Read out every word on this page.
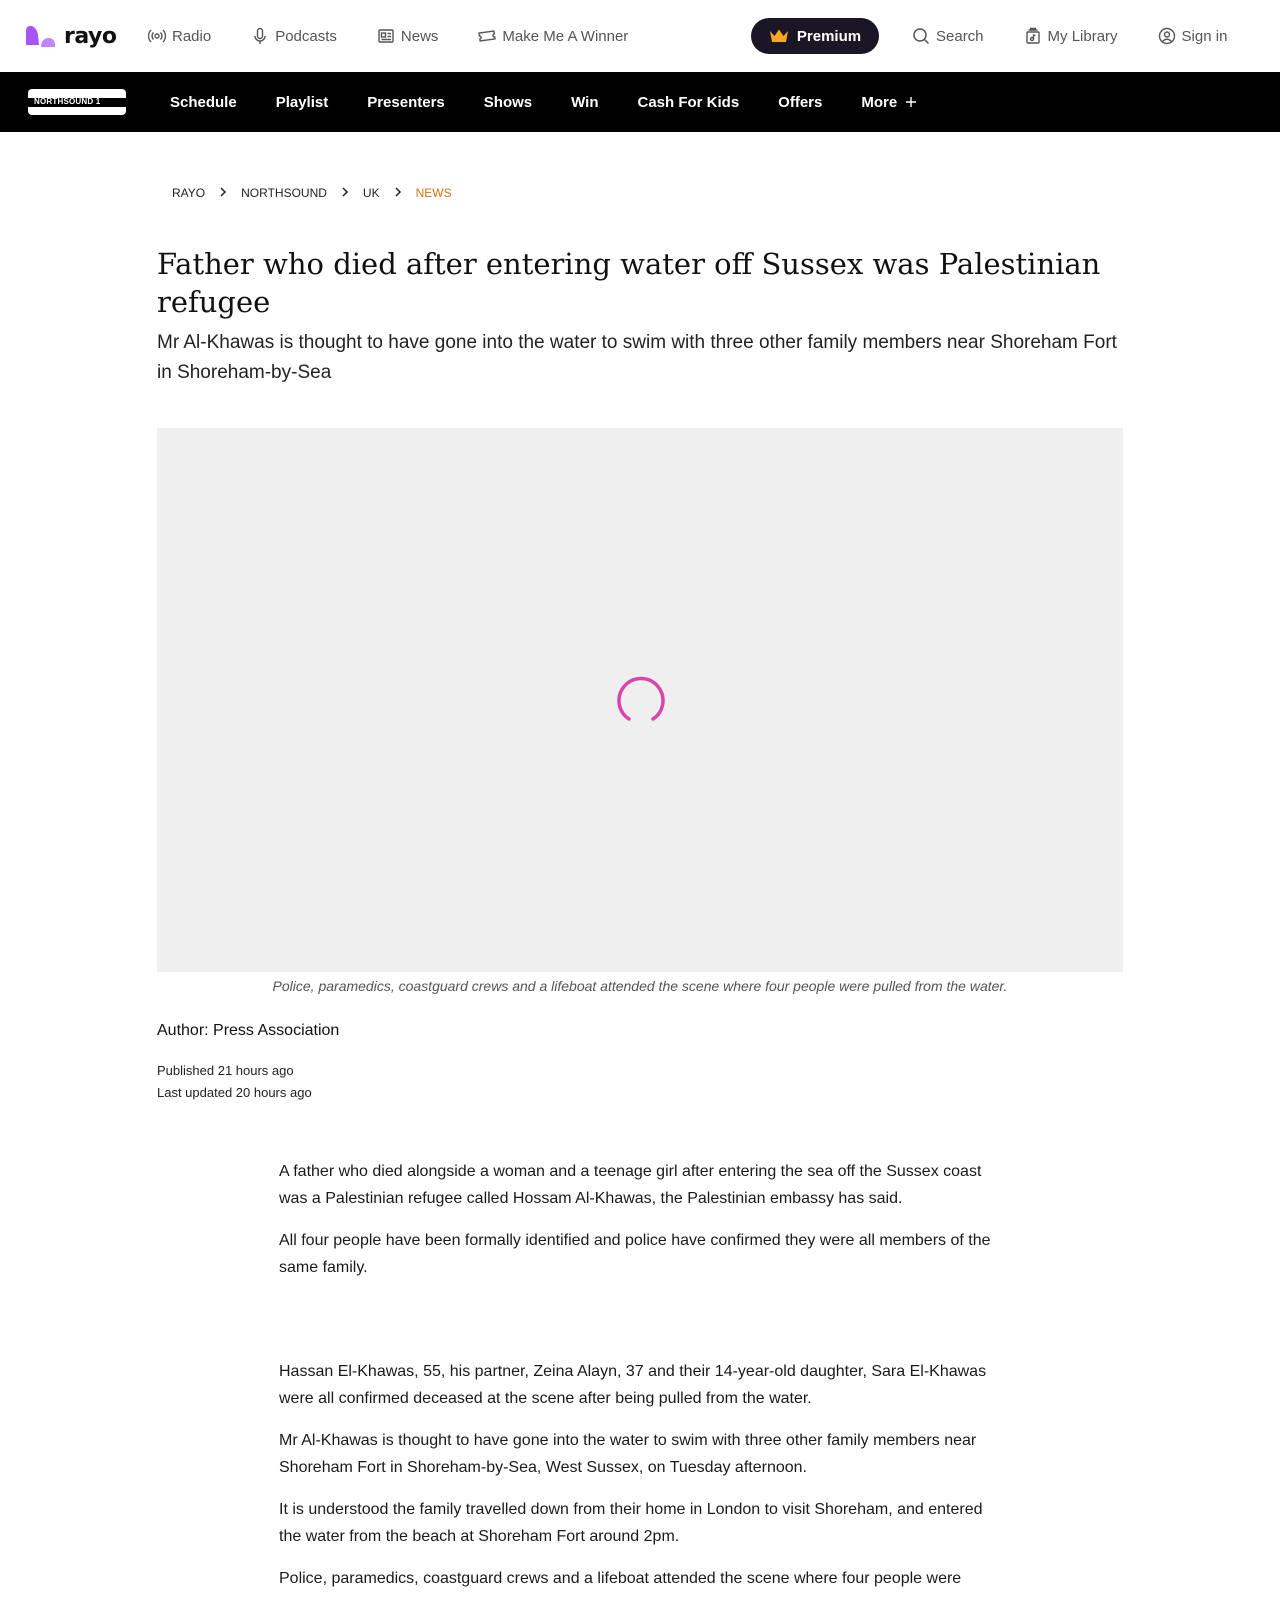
rayo	Radio	Podcasts	News	Make Me A Winner	Premium	Search	My Library	Sign in
NORTHSOUND 1	Schedule	Playlist	Presenters	Shows	Win	Cash For Kids	Offers	More
RAYO	NORTHSOUND	UK	NEWS
Father who died after entering water off Sussex was Palestinian refugee

Mr Al-Khawas is thought to have gone into the water to swim with three other family members near Shoreham Fort in Shoreham-by-Sea

Police, paramedics, coastguard crews and a lifeboat attended the scene where four people were pulled from the water.

Author: Press Association

Published 21 hours ago
Last updated 20 hours ago

A father who died alongside a woman and a teenage girl after entering the sea off the Sussex coast was a Palestinian refugee called Hossam Al-Khawas, the Palestinian embassy has said.

All four people have been formally identified and police have confirmed they were all members of the same family.

Hassan El-Khawas, 55, his partner, Zeina Alayn, 37 and their 14-year-old daughter, Sara El-Khawas were all confirmed deceased at the scene after being pulled from the water.

Mr Al-Khawas is thought to have gone into the water to swim with three other family members near Shoreham Fort in Shoreham-by-Sea, West Sussex, on Tuesday afternoon.

It is understood the family travelled down from their home in London to visit Shoreham, and entered the water from the beach at Shoreham Fort around 2pm.

Police, paramedics, coastguard crews and a lifeboat attended the scene where four people were
